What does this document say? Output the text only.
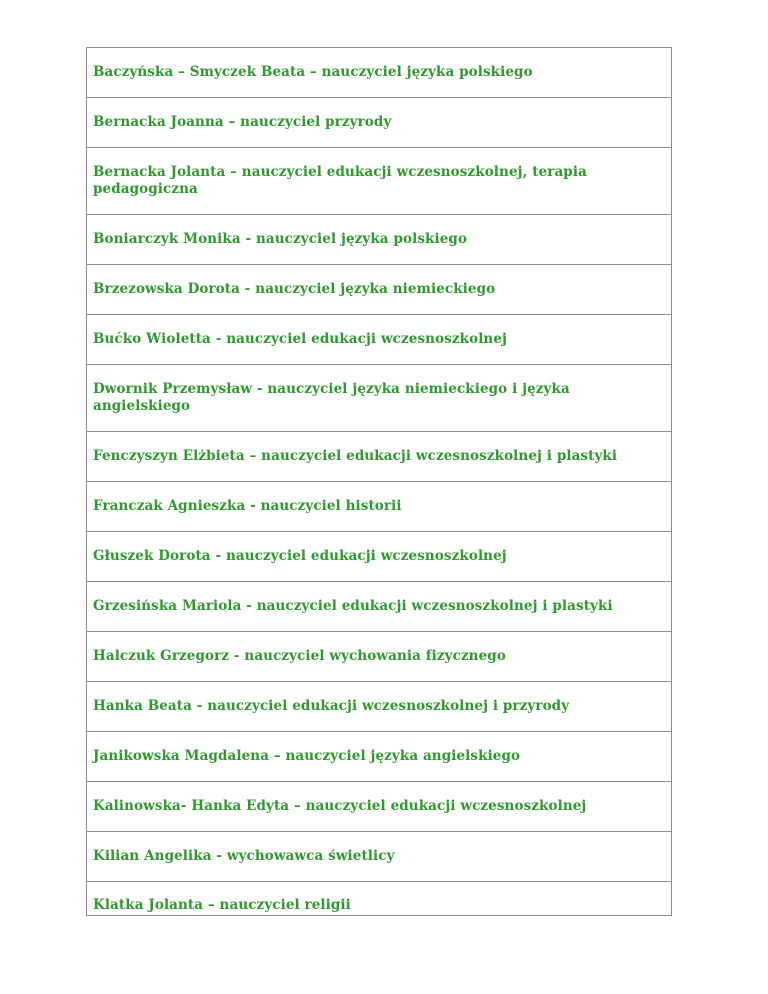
Baczyńska – Smyczek Beata – nauczyciel języka polskiego
Bernacka Joanna – nauczyciel przyrody
Bernacka Jolanta – nauczyciel edukacji wczesnoszkolnej, terapia pedagogiczna
Boniarczyk Monika - nauczyciel języka polskiego
Brzezowska Dorota - nauczyciel języka niemieckiego
Bućko Wioletta - nauczyciel edukacji wczesnoszkolnej
Dwornik Przemysław - nauczyciel języka niemieckiego i języka angielskiego
Fenczyszyn Elżbieta – nauczyciel edukacji wczesnoszkolnej i plastyki
Franczak Agnieszka - nauczyciel historii
Głuszek Dorota - nauczyciel edukacji wczesnoszkolnej
Grzesińska Mariola - nauczyciel edukacji wczesnoszkolnej i plastyki
Halczuk Grzegorz - nauczyciel wychowania fizycznego
Hanka Beata - nauczyciel edukacji wczesnoszkolnej i przyrody
Janikowska Magdalena – nauczyciel języka angielskiego
Kalinowska- Hanka Edyta – nauczyciel edukacji wczesnoszkolnej
Kilian Angelika - wychowawca świetlicy
Klatka Jolanta – nauczyciel religii
